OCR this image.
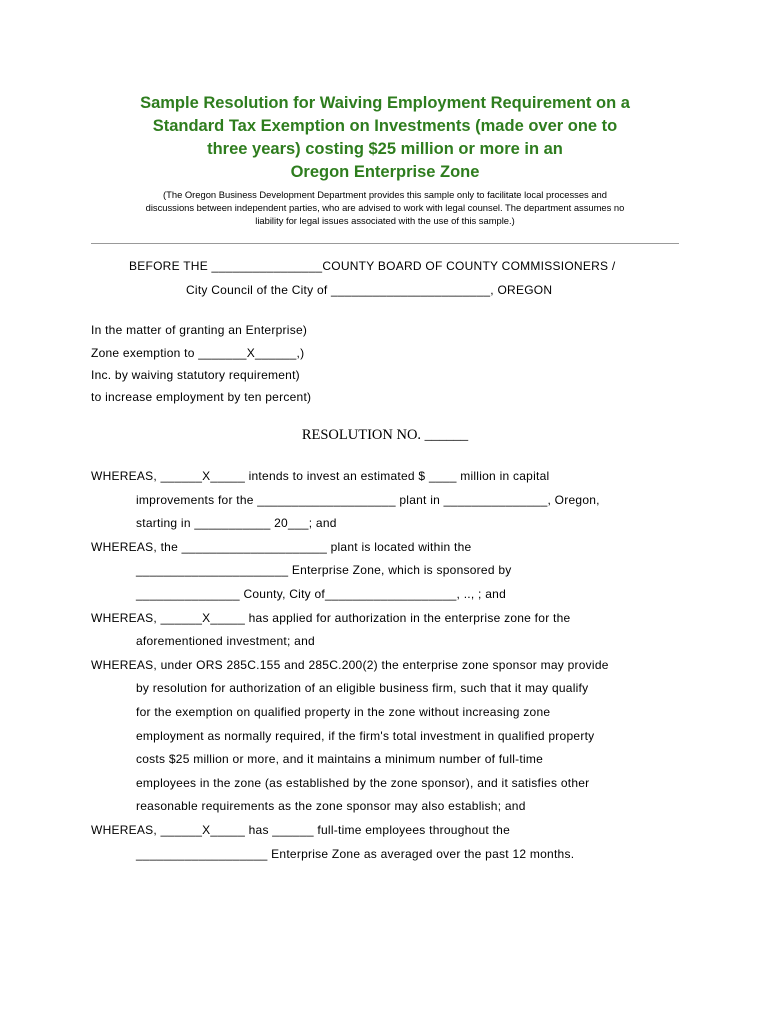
Sample Resolution for Waiving Employment Requirement on a
Standard Tax Exemption on Investments (made over one to
three years) costing $25 million or more in an
Oregon Enterprise Zone

(The Oregon Business Development Department provides this sample only to facilitate local processes and
discussions between independent parties, who are advised to work with legal counsel. The department assumes no
liability for legal issues associated with the use of this sample.)

BEFORE THE ________________COUNTY BOARD OF COUNTY COMMISSIONERS /
City Council of the City of _______________________, OREGON
In the matter of granting an Enterprise)
Zone exemption to _______X______,)
Inc. by waiving statutory requirement)
to increase employment by ten percent)
RESOLUTION NO. ______
WHEREAS, ______X_____ intends to invest an estimated $ ____ million in capital
improvements for the ____________________ plant in _______________, Oregon,
starting in ___________ 20___; and
WHEREAS, the _____________________ plant is located within the
______________________ Enterprise Zone, which is sponsored by
_______________ County, City of___________________, .., ; and
WHEREAS, ______X_____ has applied for authorization in the enterprise zone for the
aforementioned investment; and
WHEREAS, under ORS 285C.155 and 285C.200(2) the enterprise zone sponsor may provide
by resolution for authorization of an eligible business firm, such that it may qualify
for the exemption on qualified property in the zone without increasing zone
employment as normally required, if the firm's total investment in qualified property
costs $25 million or more, and it maintains a minimum number of full-time
employees in the zone (as established by the zone sponsor), and it satisfies other
reasonable requirements as the zone sponsor may also establish; and
WHEREAS, ______X_____ has ______ full-time employees throughout the
___________________ Enterprise Zone as averaged over the past 12 months.
